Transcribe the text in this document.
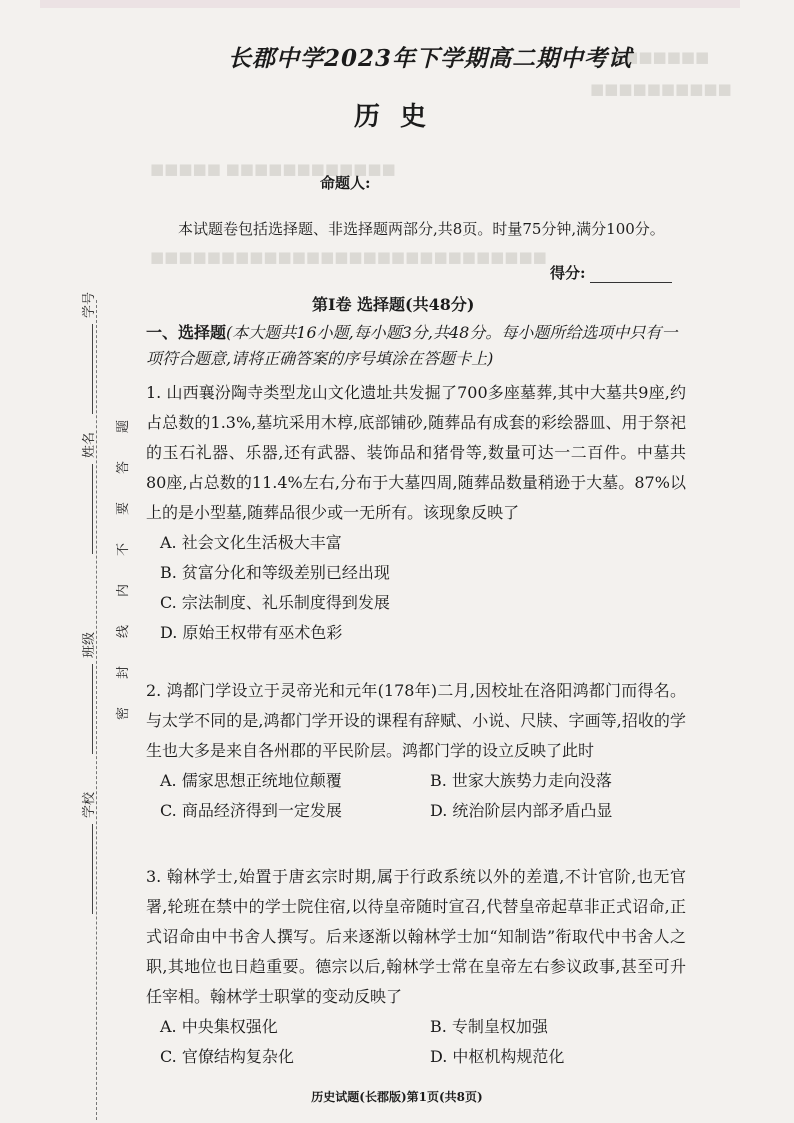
学号
姓名
班级
学校
密封线内不要答题
■■■■■■■
■■■■■■■■■■
■■■■■ ■■■■■■■■■■■■
■■■■■■■■■■■■■■■■■■■■■■■■■■■■
长郡中学2023年下学期高二期中考试
历史
命题人:
本试题卷包括选择题、非选择题两部分,共8页。时量75分钟,满分100分。
得分:
第Ⅰ卷 选择题(共48分)
一、选择题(本大题共16小题,每小题3分,共48分。每小题所给选项中只有一项符合题意,请将正确答案的序号填涂在答题卡上)
1. 山西襄汾陶寺类型龙山文化遗址共发掘了700多座墓葬,其中大墓共9座,约占总数的1.3%,墓坑采用木椁,底部铺砂,随葬品有成套的彩绘器皿、用于祭祀的玉石礼器、乐器,还有武器、装饰品和猪骨等,数量可达一二百件。中墓共80座,占总数的11.4%左右,分布于大墓四周,随葬品数量稍逊于大墓。87%以上的是小型墓,随葬品很少或一无所有。该现象反映了
A. 社会文化生活极大丰富
B. 贫富分化和等级差别已经出现
C. 宗法制度、礼乐制度得到发展
D. 原始王权带有巫术色彩
2. 鸿都门学设立于灵帝光和元年(178年)二月,因校址在洛阳鸿都门而得名。与太学不同的是,鸿都门学开设的课程有辞赋、小说、尺牍、字画等,招收的学生也大多是来自各州郡的平民阶层。鸿都门学的设立反映了此时
A. 儒家思想正统地位颠覆	B. 世家大族势力走向没落
C. 商品经济得到一定发展	D. 统治阶层内部矛盾凸显
3. 翰林学士,始置于唐玄宗时期,属于行政系统以外的差遣,不计官阶,也无官署,轮班在禁中的学士院住宿,以待皇帝随时宣召,代替皇帝起草非正式诏命,正式诏命由中书舍人撰写。后来逐渐以翰林学士加“知制诰”衔取代中书舍人之职,其地位也日趋重要。德宗以后,翰林学士常在皇帝左右参议政事,甚至可升任宰相。翰林学士职掌的变动反映了
A. 中央集权强化	B. 专制皇权加强
C. 官僚结构复杂化	D. 中枢机构规范化
历史试题(长郡版)第1页(共8页)
